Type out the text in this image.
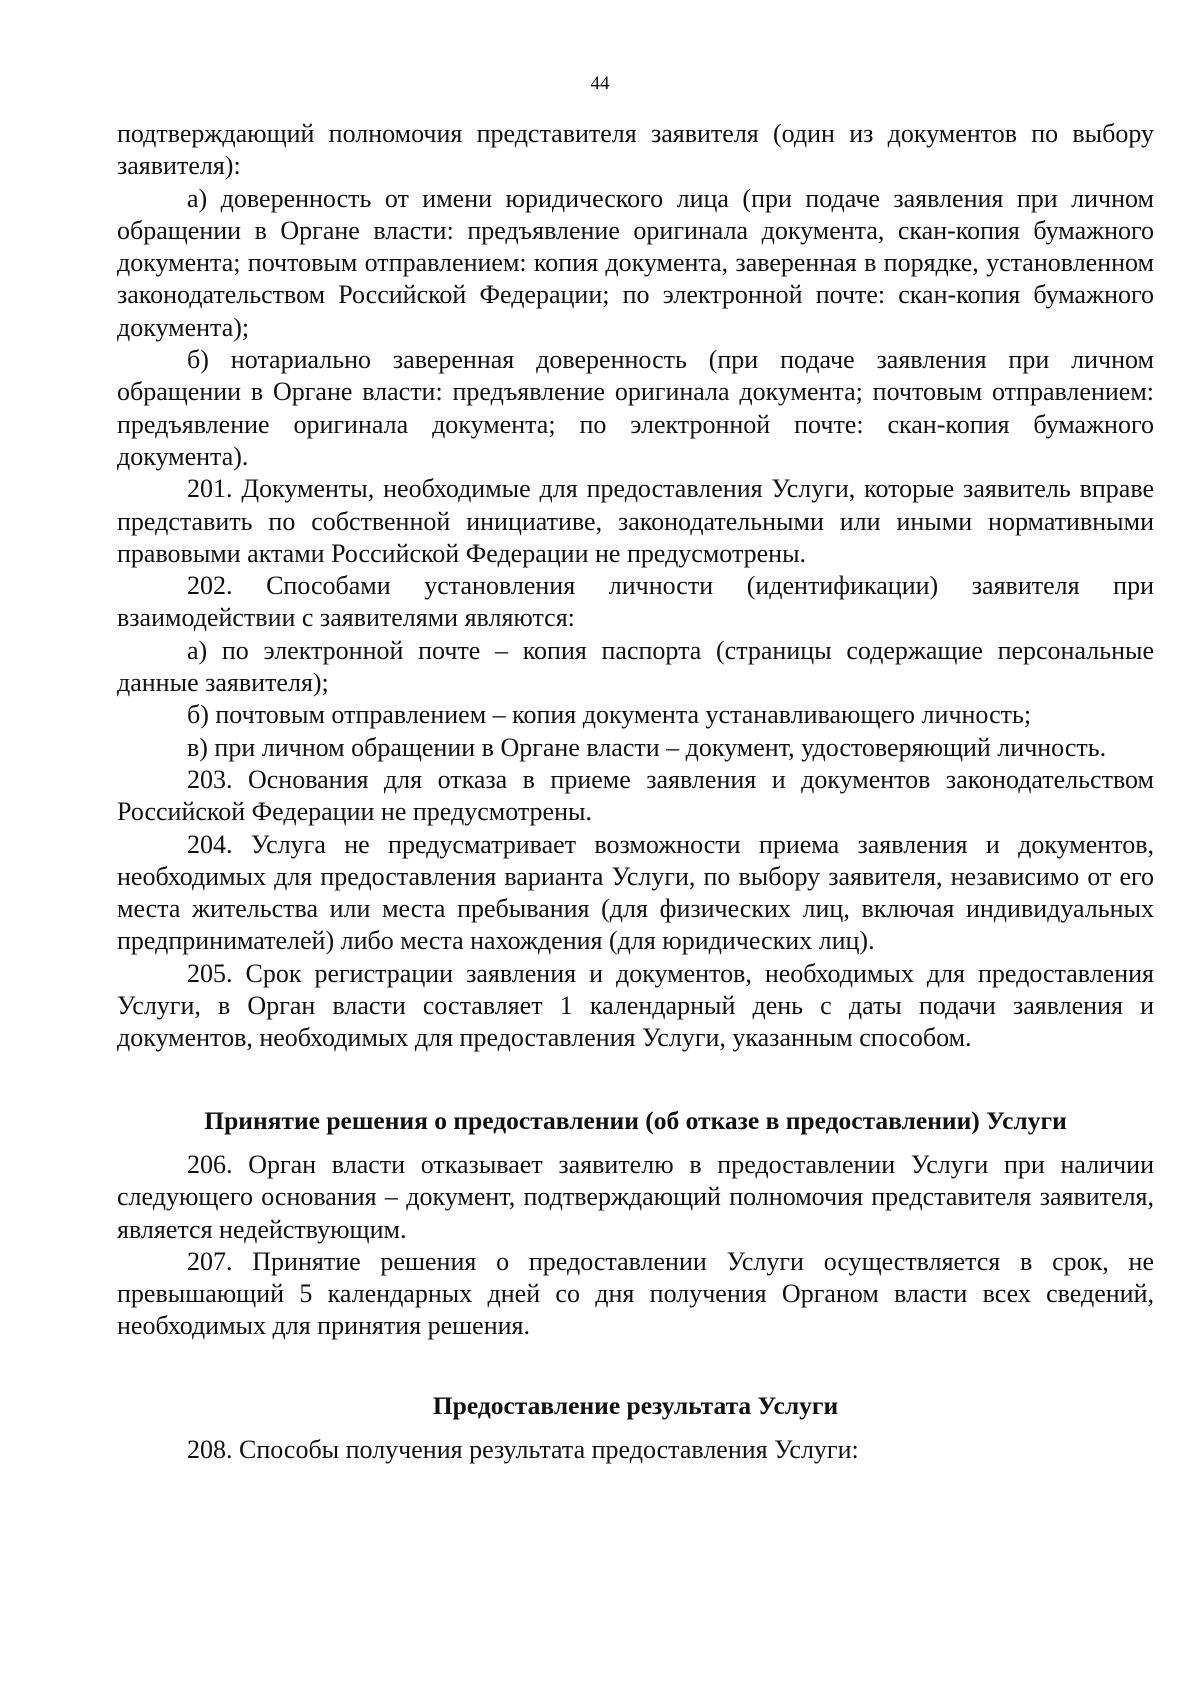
44

подтверждающий полномочия представителя заявителя (один из документов по выбору заявителя):

а) доверенность от имени юридического лица (при подаче заявления при личном обращении в Органе власти: предъявление оригинала документа, скан-копия бумажного документа; почтовым отправлением: копия документа, заверенная в порядке, установленном законодательством Российской Федерации; по электронной почте: скан-копия бумажного документа);

б) нотариально заверенная доверенность (при подаче заявления при личном обращении в Органе власти: предъявление оригинала документа; почтовым отправлением: предъявление оригинала документа; по электронной почте: скан-копия бумажного документа).

201. Документы, необходимые для предоставления Услуги, которые заявитель вправе представить по собственной инициативе, законодательными или иными нормативными правовыми актами Российской Федерации не предусмотрены.

202. Способами установления личности (идентификации) заявителя при взаимодействии с заявителями являются:

а) по электронной почте – копия паспорта (страницы содержащие персональные данные заявителя);

б) почтовым отправлением – копия документа устанавливающего личность;

в) при личном обращении в Органе власти – документ, удостоверяющий личность.

203. Основания для отказа в приеме заявления и документов законодательством Российской Федерации не предусмотрены.

204. Услуга не предусматривает возможности приема заявления и документов, необходимых для предоставления варианта Услуги, по выбору заявителя, независимо от его места жительства или места пребывания (для физических лиц, включая индивидуальных предпринимателей) либо места нахождения (для юридических лиц).

205. Срок регистрации заявления и документов, необходимых для предоставления Услуги, в Орган власти составляет 1 календарный день с даты подачи заявления и документов, необходимых для предоставления Услуги, указанным способом.

Принятие решения о предоставлении (об отказе в предоставлении) Услуги

206. Орган власти отказывает заявителю в предоставлении Услуги при наличии следующего основания – документ, подтверждающий полномочия представителя заявителя, является недействующим.

207. Принятие решения о предоставлении Услуги осуществляется в срок, не превышающий 5 календарных дней со дня получения Органом власти всех сведений, необходимых для принятия решения.

Предоставление результата Услуги

208. Способы получения результата предоставления Услуги:
